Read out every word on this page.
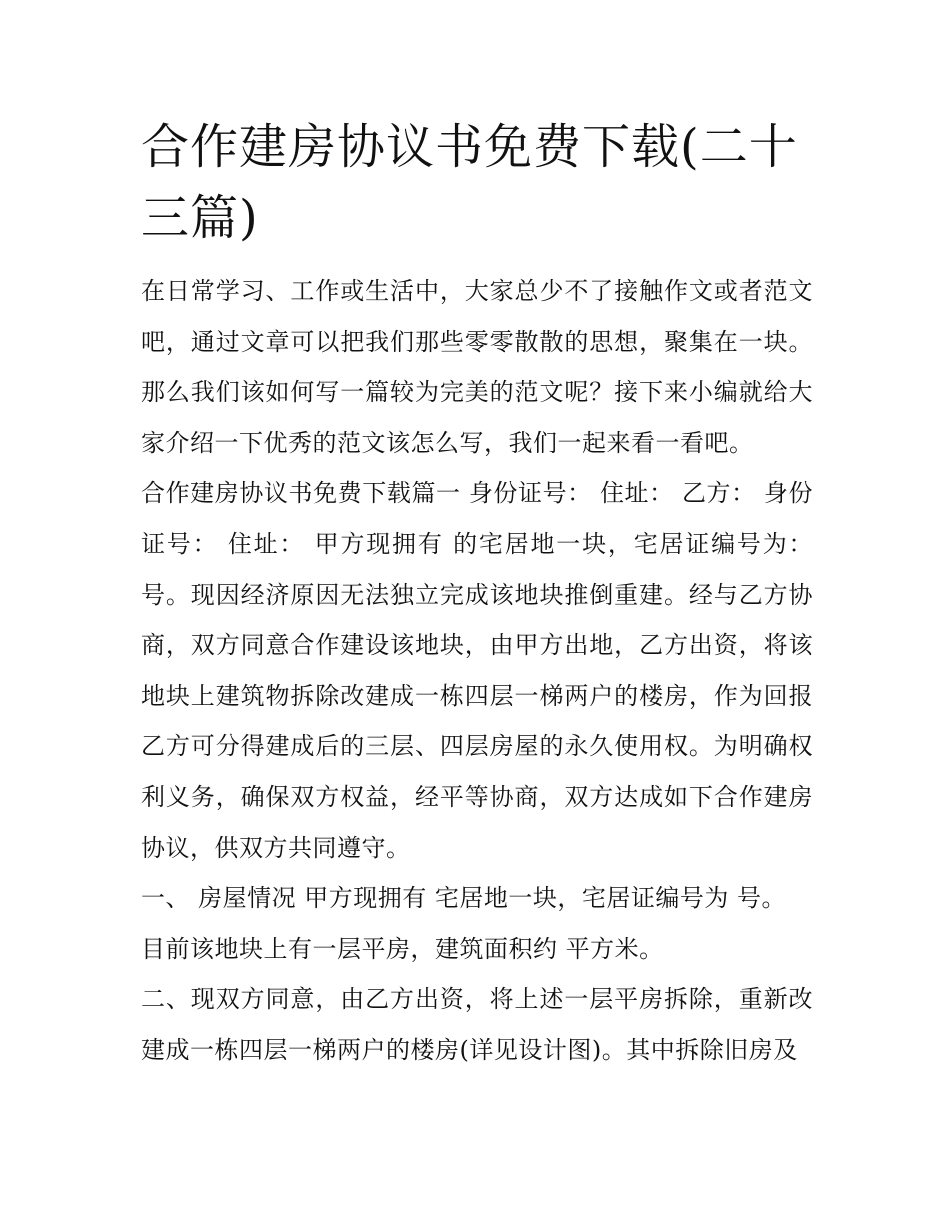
合作建房协议书免费下载(二十三篇)

在日常学习、工作或生活中，大家总少不了接触作文或者范文吧，通过文章可以把我们那些零零散散的思想，聚集在一块。那么我们该如何写一篇较为完美的范文呢？接下来小编就给大家介绍一下优秀的范文该怎么写，我们一起来看一看吧。

合作建房协议书免费下载篇一 身份证号： 住址： 乙方： 身份证号： 住址： 甲方现拥有 的宅居地一块，宅居证编号为： 号。现因经济原因无法独立完成该地块推倒重建。经与乙方协商，双方同意合作建设该地块，由甲方出地，乙方出资，将该地块上建筑物拆除改建成一栋四层一梯两户的楼房，作为回报乙方可分得建成后的三层、四层房屋的永久使用权。为明确权利义务，确保双方权益，经平等协商，双方达成如下合作建房协议，供双方共同遵守。

一、 房屋情况 甲方现拥有 宅居地一块，宅居证编号为 号。

目前该地块上有一层平房，建筑面积约 平方米。

二、现双方同意，由乙方出资，将上述一层平房拆除，重新改建成一栋四层一梯两户的楼房(详见设计图)。其中拆除旧房及
